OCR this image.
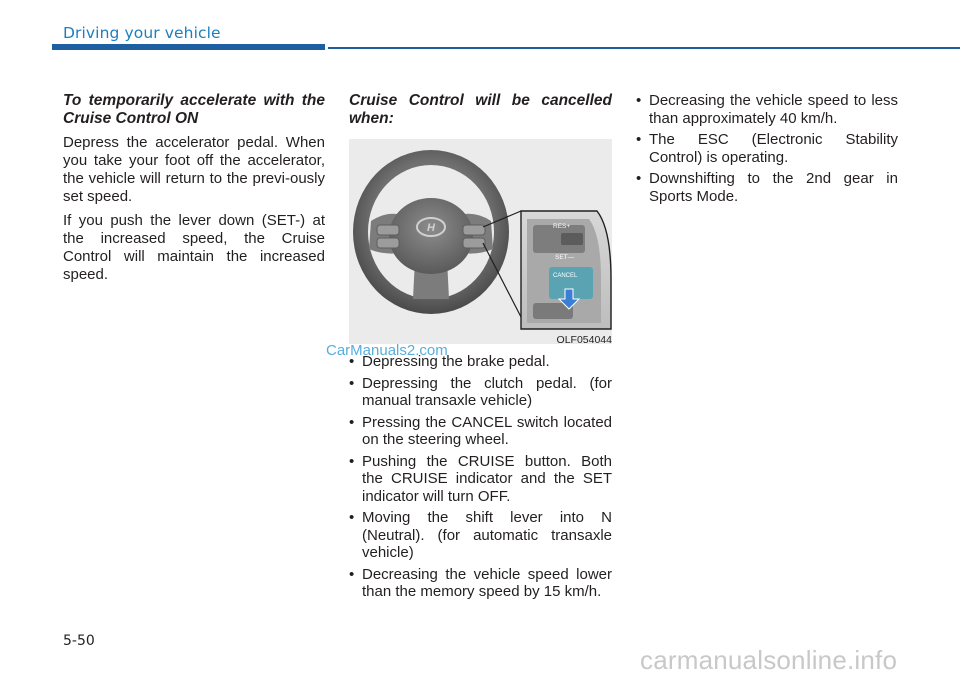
Driving your vehicle

To temporarily accelerate with the Cruise Control ON

Depress the accelerator pedal. When you take your foot off the accelerator, the vehicle will return to the previ-ously set speed.

If you push the lever down (SET-) at the increased speed, the Cruise Control will maintain the increased speed.

Cruise Control will be cancelled when:

H	RES+
SET—
CANCEL
OLF054044
CarManuals2.com
• Depressing the brake pedal.
• Depressing the clutch pedal. (for manual transaxle vehicle)
• Pressing the CANCEL switch located on the steering wheel.
• Pushing the CRUISE button. Both the CRUISE indicator and the SET indicator will turn OFF.
• Moving the shift lever into N (Neutral). (for automatic transaxle vehicle)
• Decreasing the vehicle speed lower than the memory speed by 15 km/h.
• Decreasing the vehicle speed to less than approximately 40 km/h.
• The ESC (Electronic Stability Control) is operating.
• Downshifting to the 2nd gear in Sports Mode.
5-50
carmanualsonline.info
